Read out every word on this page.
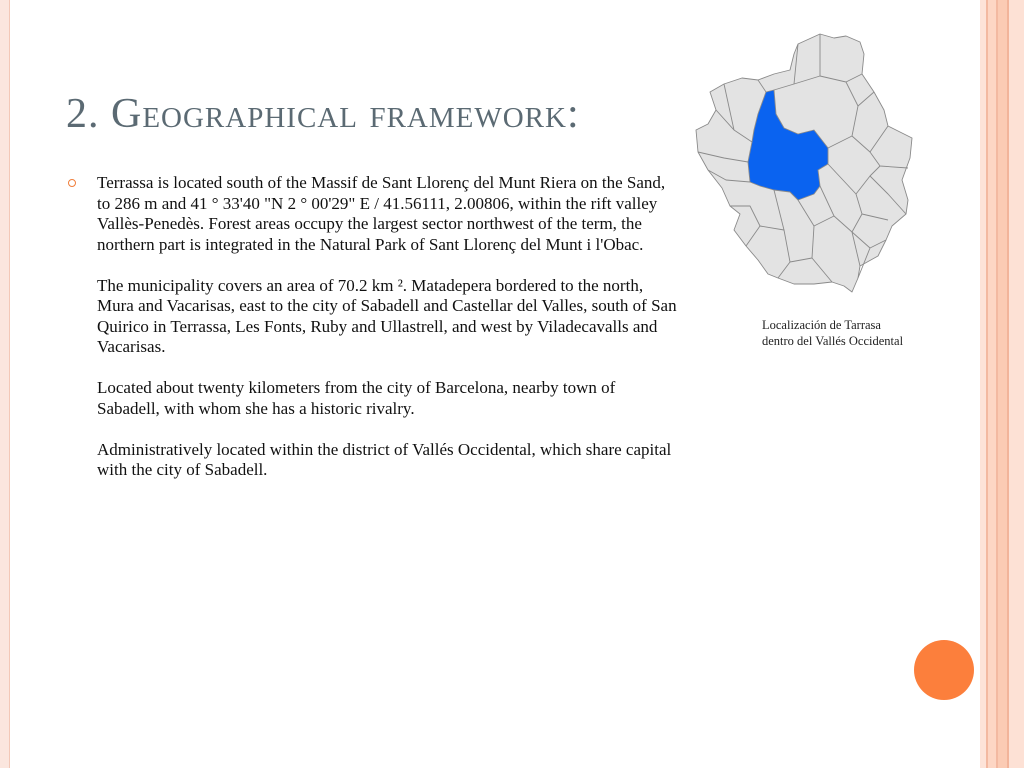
2. Geographical framework:

Terrassa is located south of the Massif de Sant Llorenç del Munt Riera on the Sand, to 286 m and 41 ° 33'40 "N 2 ° 00'29" E / 41.56111, 2.00806, within the rift valley Vallès-Penedès. Forest areas occupy the largest sector northwest of the term, the northern part is integrated in the Natural Park of Sant Llorenç del Munt i l'Obac.

The municipality covers an area of 70.2 km ². Matadepera bordered to the north, Mura and Vacarisas, east to the city of Sabadell and Castellar del Valles, south of San Quirico in Terrassa, Les Fonts, Ruby and Ullastrell, and west by Viladecavalls and Vacarisas.

Located about twenty kilometers from the city of Barcelona, nearby town of Sabadell, with whom she has a historic rivalry.

Administratively located within the district of Vallés Occidental, which share capital with the city of Sabadell.

Localización de Tarrasa
dentro del Vallés Occidental
